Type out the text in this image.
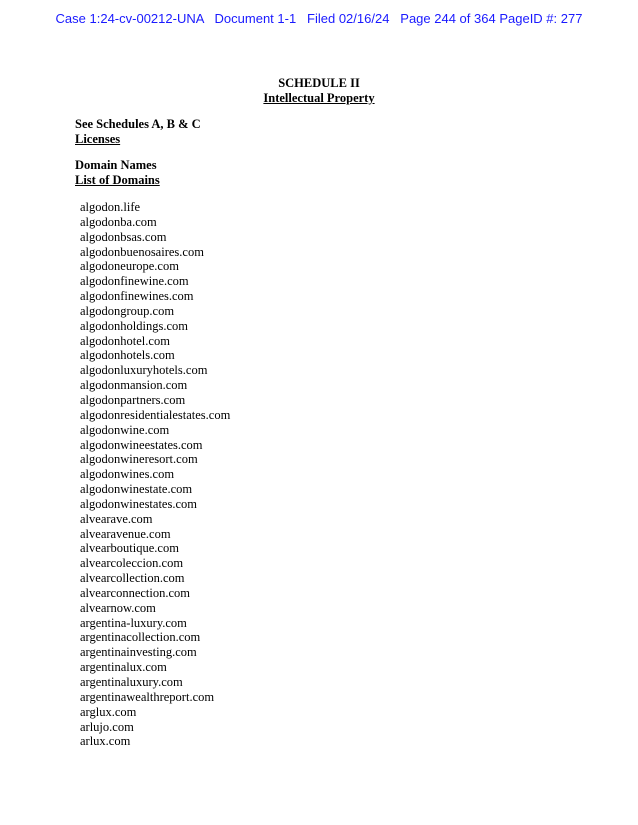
Case 1:24-cv-00212-UNA Document 1-1 Filed 02/16/24 Page 244 of 364 PageID #: 277
SCHEDULE II
Intellectual Property
See Schedules A, B & C
Licenses
Domain Names
List of Domains
algodon.life
algodonba.com
algodonbsas.com
algodonbuenosaires.com
algodoneurope.com
algodonfinewine.com
algodonfinewines.com
algodongroup.com
algodonholdings.com
algodonhotel.com
algodonhotels.com
algodonluxuryhotels.com
algodonmansion.com
algodonpartners.com
algodonresidentialestates.com
algodonwine.com
algodonwineestates.com
algodonwineresort.com
algodonwines.com
algodonwinestate.com
algodonwinestates.com
alvearave.com
alvearavenue.com
alvearboutique.com
alvearcoleccion.com
alvearcollection.com
alvearconnection.com
alvearnow.com
argentina-luxury.com
argentinacollection.com
argentinainvesting.com
argentinalux.com
argentinaluxury.com
argentinawealthreport.com
arglux.com
arlujo.com
arlux.com
